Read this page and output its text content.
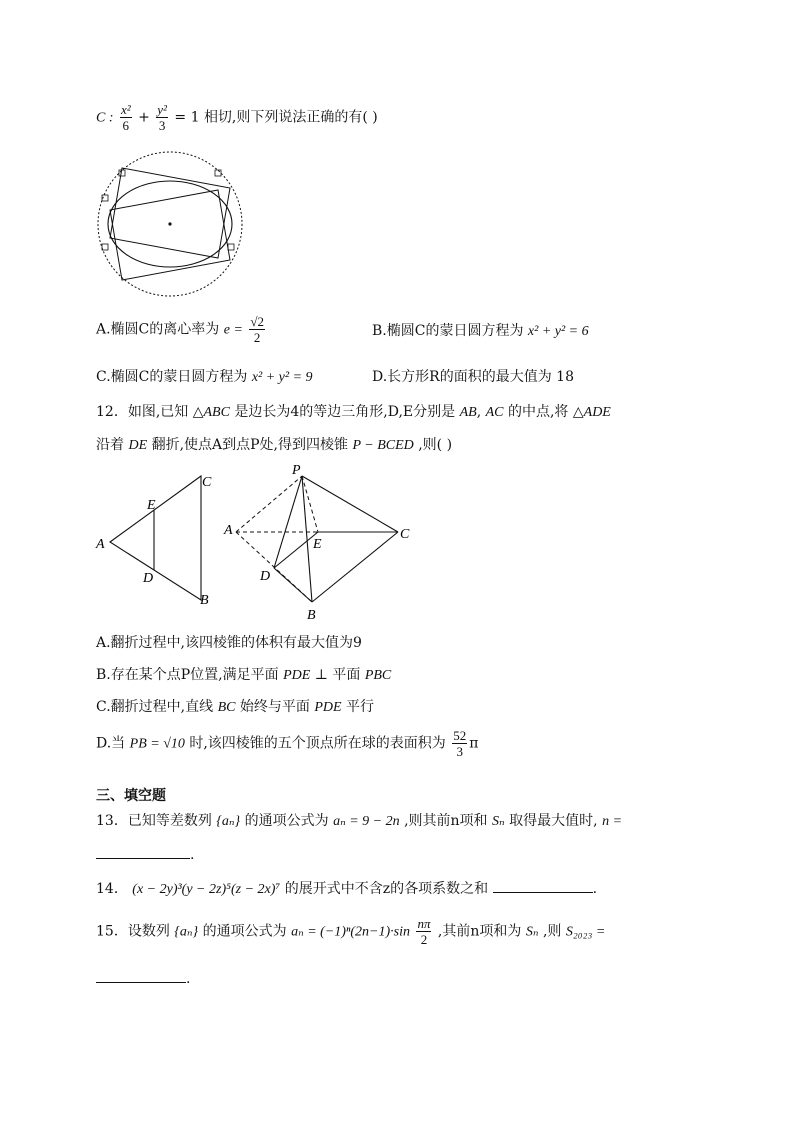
C : $\frac{\text{x²}}{6} + \frac{\text{y²}}{3} = 1$ 相切,则下列说法正确的有( )
A.椭圆C的离心率为 $e = \frac{√2}{2}$	B.椭圆C的蒙日圆方程为 x² + y² = 6
C.椭圆C的蒙日圆方程为 x² + y² = 9	D.长方形R的面积的最大值为 18
12．如图,已知 △ABC 是边长为4的等边三角形,D,E分别是 AB, AC 的中点,将 △ADE
沿着 DE 翻折,使点A到点P处,得到四棱锥 P − BCED ,则( )
A
E
C
D
B
P
A
E
C
D
B
A.翻折过程中,该四棱锥的体积有最大值为9
B.存在某个点P位置,满足平面 PDE ⊥ 平面 PBC
C.翻折过程中,直线 BC 始终与平面 PDE 平行
D.当 PB = √10 时,该四棱锥的五个顶点所在球的表面积为 $\frac{52}{3}$ π
三、填空题
13．已知等差数列 {aₙ} 的通项公式为 aₙ = 9 − 2n ,则其前n项和 Sₙ 取得最大值时, n =
.
14． (x − 2y)³(y − 2z)⁵(z − 2x)⁷ 的展开式中不含z的各项系数之和	.
15．设数列 {aₙ} 的通项公式为 $a_n = (-1)^n(2n-1)\cdot\sin \frac{n\pi}{2}$ ,其前n项和为 Sₙ ,则 S₂₀₂₃ =
.
